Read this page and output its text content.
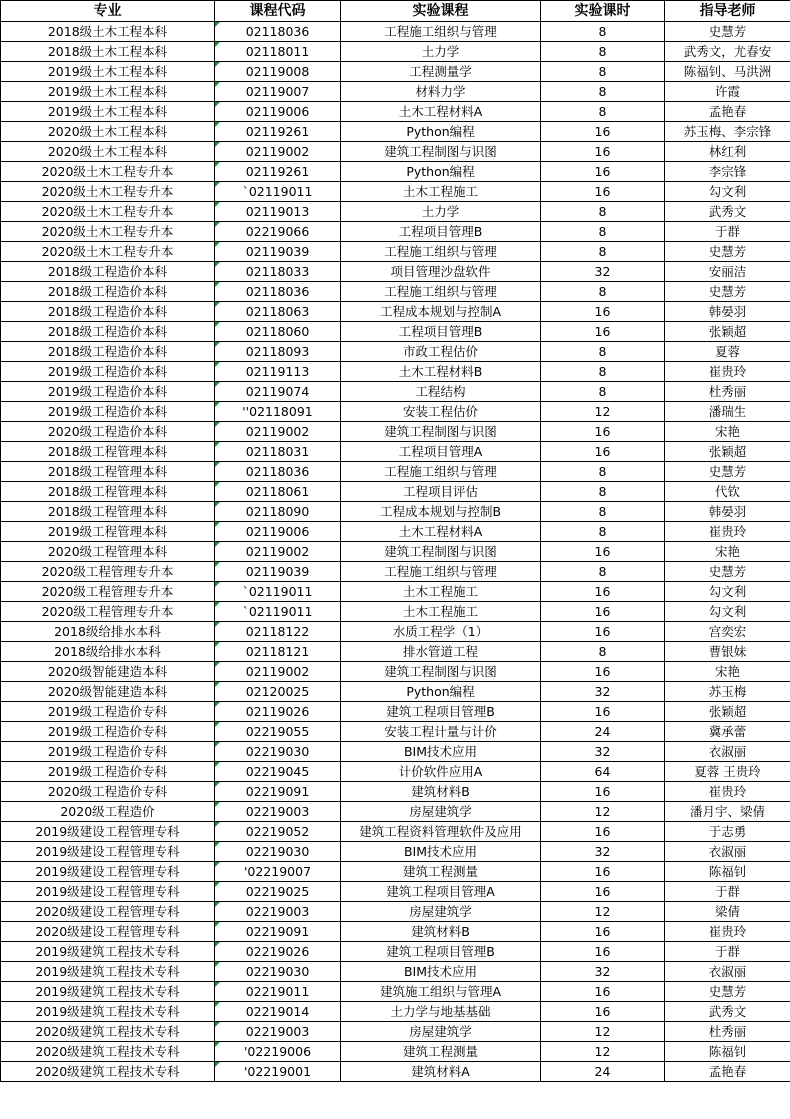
专业	课程代码	实验课程	实验课时	指导老师
2018级土木工程本科	02118036	工程施工组织与管理	8	史慧芳
2018级土木工程本科	02118011	土力学	8	武秀文，尤春安
2019级土木工程本科	02119008	工程测量学	8	陈福钊、马洪洲
2019级土木工程本科	02119007	材料力学	8	许霞
2019级土木工程本科	02119006	土木工程材料A	8	孟艳春
2020级土木工程本科	02119261	Python编程	16	苏玉梅、李宗锋
2020级土木工程本科	02119002	建筑工程制图与识图	16	林红利
2020级土木工程专升本	02119261	Python编程	16	李宗锋
2020级土木工程专升本	`02119011	土木工程施工	16	勾文利
2020级土木工程专升本	02119013	土力学	8	武秀文
2020级土木工程专升本	02219066	工程项目管理B	8	于群
2020级土木工程专升本	02119039	工程施工组织与管理	8	史慧芳
2018级工程造价本科	02118033	项目管理沙盘软件	32	安丽洁
2018级工程造价本科	02118036	工程施工组织与管理	8	史慧芳
2018级工程造价本科	02118063	工程成本规划与控制A	16	韩晏羽
2018级工程造价本科	02118060	工程项目管理B	16	张颖超
2018级工程造价本科	02118093	市政工程估价	8	夏蓉
2019级工程造价本科	02119113	土木工程材料B	8	崔贵玲
2019级工程造价本科	02119074	工程结构	8	杜秀丽
2019级工程造价本科	''02118091	安装工程估价	12	潘瑞生
2020级工程造价本科	02119002	建筑工程制图与识图	16	宋艳
2018级工程管理本科	02118031	工程项目管理A	16	张颖超
2018级工程管理本科	02118036	工程施工组织与管理	8	史慧芳
2018级工程管理本科	02118061	工程项目评估	8	代钦
2018级工程管理本科	02118090	工程成本规划与控制B	8	韩晏羽
2019级工程管理本科	02119006	土木工程材料A	8	崔贵玲
2020级工程管理本科	02119002	建筑工程制图与识图	16	宋艳
2020级工程管理专升本	02119039	工程施工组织与管理	8	史慧芳
2020级工程管理专升本	`02119011	土木工程施工	16	勾文利
2020级工程管理专升本	`02119011	土木工程施工	16	勾文利
2018级给排水本科	02118122	水质工程学（1）	16	宫奕宏
2018级给排水本科	02118121	排水管道工程	8	曹银妹
2020级智能建造本科	02119002	建筑工程制图与识图	16	宋艳
2020级智能建造本科	02120025	Python编程	32	苏玉梅
2019级工程造价专科	02119026	建筑工程项目管理B	16	张颖超
2019级工程造价专科	02219055	安装工程计量与计价	24	冀承蕾
2019级工程造价专科	02219030	BIM技术应用	32	衣淑丽
2019级工程造价专科	02219045	计价软件应用A	64	夏蓉 王贵玲
2020级工程造价专科	02219091	建筑材料B	16	崔贵玲
2020级工程造价	02219003	房屋建筑学	12	潘月宇、梁倩
2019级建设工程管理专科	02219052	建筑工程资料管理软件及应用	16	于志勇
2019级建设工程管理专科	02219030	BIM技术应用	32	衣淑丽
2019级建设工程管理专科	'02219007	建筑工程测量	16	陈福钊
2019级建设工程管理专科	02219025	建筑工程项目管理A	16	于群
2020级建设工程管理专科	02219003	房屋建筑学	12	梁倩
2020级建设工程管理专科	02219091	建筑材料B	16	崔贵玲
2019级建筑工程技术专科	02219026	建筑工程项目管理B	16	于群
2019级建筑工程技术专科	02219030	BIM技术应用	32	衣淑丽
2019级建筑工程技术专科	02219011	建筑施工组织与管理A	16	史慧芳
2019级建筑工程技术专科	02219014	土力学与地基基础	16	武秀文
2020级建筑工程技术专科	02219003	房屋建筑学	12	杜秀丽
2020级建筑工程技术专科	'02219006	建筑工程测量	12	陈福钊
2020级建筑工程技术专科	'02219001	建筑材料A	24	孟艳春
